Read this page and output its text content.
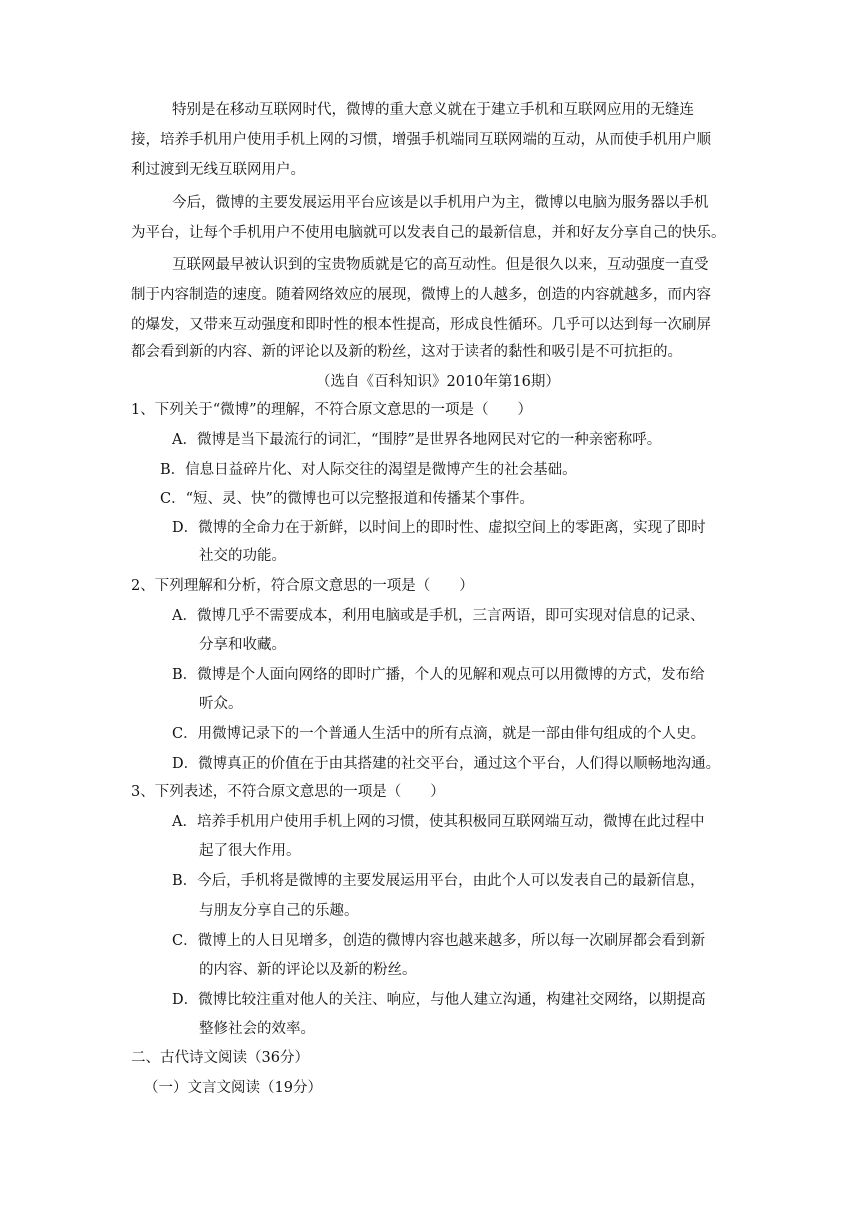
特别是在移动互联网时代，微博的重大意义就在于建立手机和互联网应用的无缝连
接，培养手机用户使用手机上网的习惯，增强手机端同互联网端的互动，从而使手机用户顺
利过渡到无线互联网用户。
今后，微博的主要发展运用平台应该是以手机用户为主，微博以电脑为服务器以手机
为平台，让每个手机用户不使用电脑就可以发表自己的最新信息，并和好友分享自己的快乐。
互联网最早被认识到的宝贵物质就是它的高互动性。但是很久以来，互动强度一直受
制于内容制造的速度。随着网络效应的展现，微博上的人越多，创造的内容就越多，而内容
的爆发，又带来互动强度和即时性的根本性提高，形成良性循环。几乎可以达到每一次刷屏
都会看到新的内容、新的评论以及新的粉丝，这对于读者的黏性和吸引是不可抗拒的。
（选自《百科知识》2010年第16期）
1、下列关于“微博”的理解，不符合原文意思的一项是（　　）
A．微博是当下最流行的词汇，“围脖”是世界各地网民对它的一种亲密称呼。
B．信息日益碎片化、对人际交往的渴望是微博产生的社会基础。
C．“短、灵、快”的微博也可以完整报道和传播某个事件。
D．微博的全命力在于新鲜，以时间上的即时性、虚拟空间上的零距离，实现了即时
社交的功能。
2、下列理解和分析，符合原文意思的一项是（　　）
A．微博几乎不需要成本，利用电脑或是手机，三言两语，即可实现对信息的记录、
分享和收藏。
B．微博是个人面向网络的即时广播，个人的见解和观点可以用微博的方式，发布给
听众。
C．用微博记录下的一个普通人生活中的所有点滴，就是一部由俳句组成的个人史。
D．微博真正的价值在于由其搭建的社交平台，通过这个平台，人们得以顺畅地沟通。
3、下列表述，不符合原文意思的一项是（　　）
A．培养手机用户使用手机上网的习惯，使其积极同互联网端互动，微博在此过程中
起了很大作用。
B．今后，手机将是微博的主要发展运用平台，由此个人可以发表自己的最新信息，
与朋友分享自己的乐趣。
C．微博上的人日见增多，创造的微博内容也越来越多，所以每一次刷屏都会看到新
的内容、新的评论以及新的粉丝。
D．微博比较注重对他人的关注、响应，与他人建立沟通，构建社交网络，以期提高
整修社会的效率。
二、古代诗文阅读（36分）
（一）文言文阅读（19分）
